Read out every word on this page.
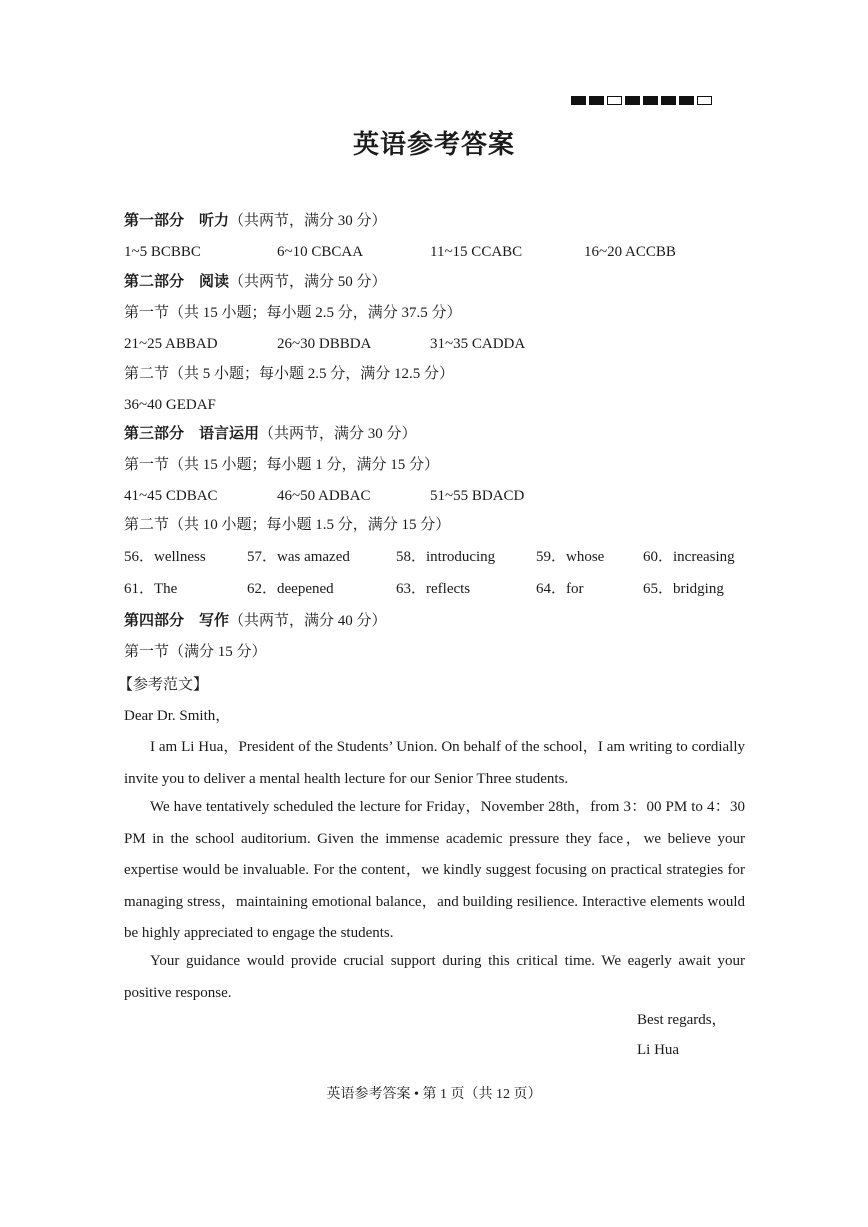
英语参考答案
第一部分　听力（共两节，满分 30 分）
1~5 BCBBC	6~10 CBCAA	11~15 CCABC	16~20 ACCBB
第二部分　阅读（共两节，满分 50 分）
第一节（共 15 小题；每小题 2.5 分，满分 37.5 分）
21~25 ABBAD	26~30 DBBDA	31~35 CADDA
第二节（共 5 小题；每小题 2.5 分，满分 12.5 分）
36~40 GEDAF
第三部分　语言运用（共两节，满分 30 分）
第一节（共 15 小题；每小题 1 分，满分 15 分）
41~45 CDBAC	46~50 ADBAC	51~55 BDACD
第二节（共 10 小题；每小题 1.5 分，满分 15 分）
56．wellness	57．was amazed	58．introducing	59．whose	60．increasing
61．The	62．deepened	63．reflects	64．for	65．bridging
第四部分　写作（共两节，满分 40 分）
第一节（满分 15 分）
【参考范文】
Dear Dr. Smith，
I am Li Hua，President of the Students’ Union. On behalf of the school，I am writing to cordially invite you to deliver a mental health lecture for our Senior Three students.
We have tentatively scheduled the lecture for Friday，November 28th，from 3：00 PM to 4：30 PM in the school auditorium. Given the immense academic pressure they face，we believe your expertise would be invaluable. For the content，we kindly suggest focusing on practical strategies for managing stress，maintaining emotional balance，and building resilience. Interactive elements would be highly appreciated to engage the students.
Your guidance would provide crucial support during this critical time. We eagerly await your positive response.
Best regards，
Li Hua
英语参考答案 • 第 1 页（共 12 页）
